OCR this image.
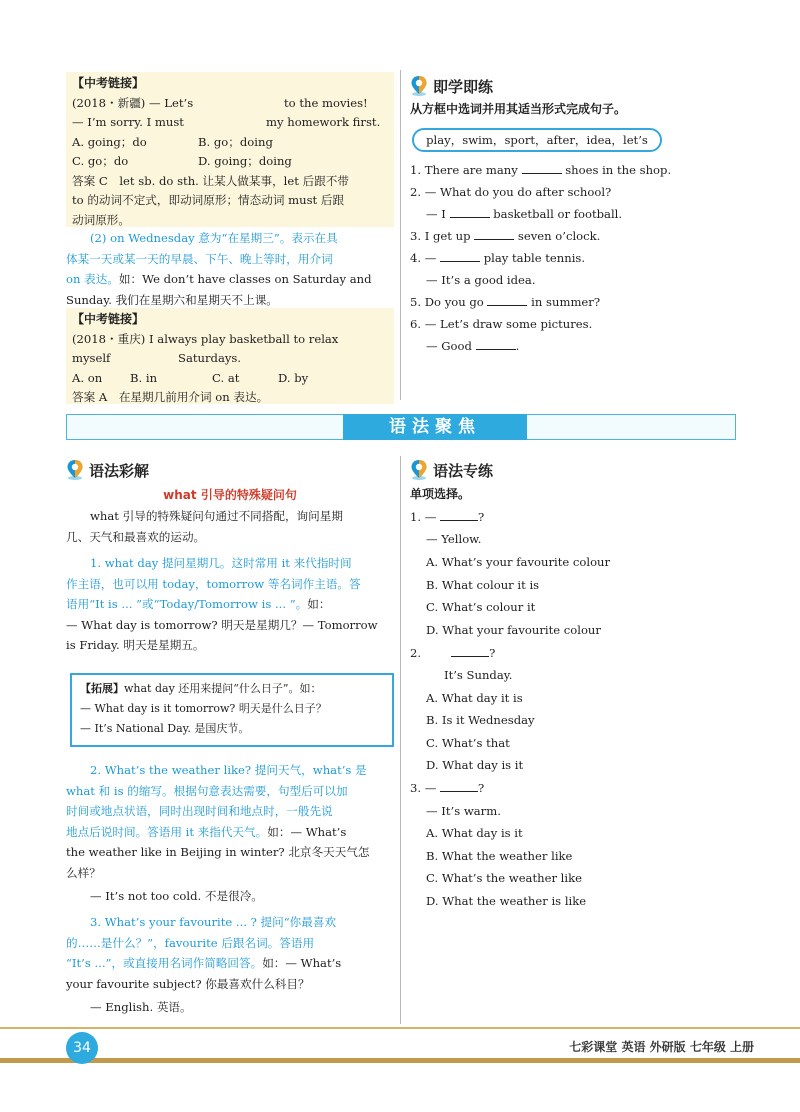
【中考链接】
(2018・新疆) — Let’s	to the movies!
— I’m sorry. I must	my homework first.
A. going；do	B. go；doing
C. go；do	D. going；doing
答案 C　let sb. do sth. 让某人做某事，let 后跟不带
to 的动词不定式，即动词原形；情态动词 must 后跟
动词原形。
(2) on Wednesday 意为“在星期三”。表示在具
体某一天或某一天的早晨、下午、晚上等时，用介词
on 表达。如：We don’t have classes on Saturday and
Sunday. 我们在星期六和星期天不上课。
【中考链接】
(2018・重庆) I always play basketball to relax
myself	Saturdays.
A. on B. in	C. at	D. by
答案 A　在星期几前用介词 on 表达。
即学即练
从方框中选词并用其适当形式完成句子。
play，swim，sport，after，idea，let’s
1. There are many	shoes in the shop.
2. — What do you do after school?
— I	basketball or football.
3. I get up	seven o’clock.
4. —	play table tennis.
— It’s a good idea.
5. Do you go	in summer?
6. — Let’s draw some pictures.
— Good	.
语法聚焦
语法彩解
what 引导的特殊疑问句
what 引导的特殊疑问句通过不同搭配，询问星期
几、天气和最喜欢的运动。
1. what day 提问星期几。这时常用 it 来代指时间
作主语，也可以用 today，tomorrow 等名词作主语。答
语用“It is ... ”或“Today/Tomorrow is ... ”。如：
— What day is tomorrow? 明天是星期几？— Tomorrow
is Friday. 明天是星期五。
【拓展】what day 还用来提问“什么日子”。如：
— What day is it tomorrow? 明天是什么日子？
— It’s National Day. 是国庆节。
2. What’s the weather like? 提问天气，what’s 是
what 和 is 的缩写。根据句意表达需要，句型后可以加
时间或地点状语，同时出现时间和地点时，一般先说
地点后说时间。答语用 it 来指代天气。如：— What’s
the weather like in Beijing in winter? 北京冬天天气怎
么样？
— It’s not too cold. 不是很冷。
3. What’s your favourite ... ? 提问“你最喜欢
的……是什么？”，favourite 后跟名词。答语用
“It’s ...”，或直接用名词作简略回答。如：— What’s
your favourite subject? 你最喜欢什么科目？
— English. 英语。
语法专练
单项选择。
1. —	?
— Yellow.
A. What’s your favourite colour
B. What colour it is
C. What’s colour it
D. What your favourite colour
2.	?
It’s Sunday.
A. What day it is
B. Is it Wednesday
C. What’s that
D. What day is it
3. —	?
— It’s warm.
A. What day is it
B. What the weather like
C. What’s the weather like
D. What the weather is like
34	七彩课堂 英语 外研版 七年级 上册
